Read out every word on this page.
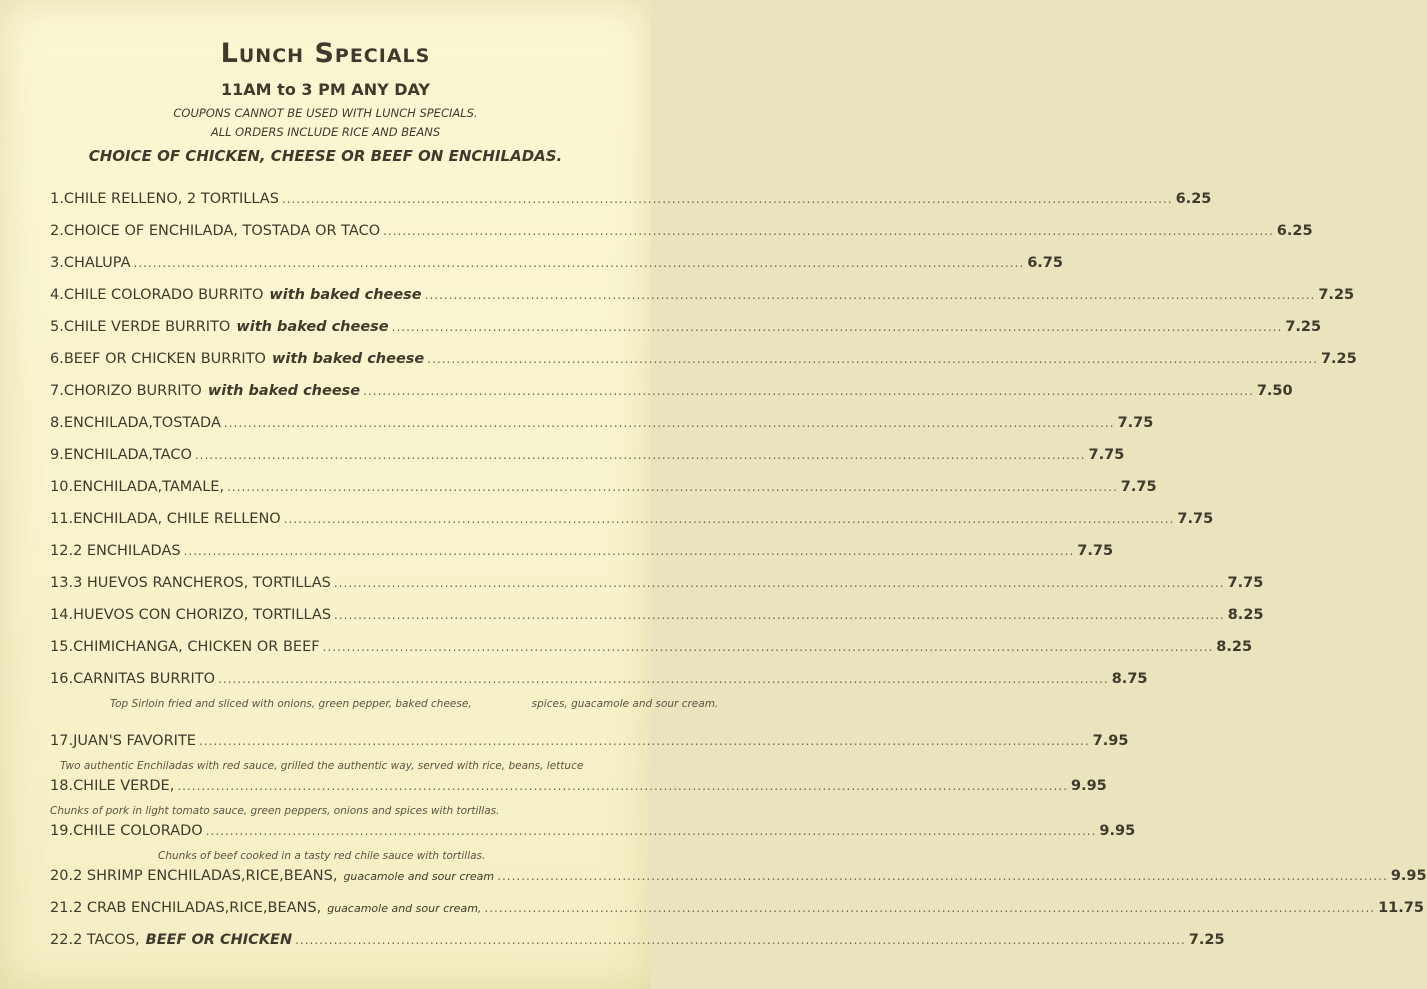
Lunch Specials
11AM to 3 PM ANY DAY
COUPONS CANNOT BE USED WITH LUNCH SPECIALS.
ALL ORDERS INCLUDE RICE AND BEANS
CHOICE OF CHICKEN, CHEESE OR BEEF ON ENCHILADAS.
1. CHILE RELLENO, 2 TORTILLAS .....	6.25
2. CHOICE OF ENCHILADA, TOSTADA OR TACO .....	6.25
3. CHALUPA .....	6.75
4. CHILE COLORADO BURRITO with baked cheese .....	7.25
5. CHILE VERDE BURRITO with baked cheese .....	7.25
6. BEEF OR CHICKEN BURRITO with baked cheese .....	7.25
7. CHORIZO BURRITO with baked cheese .....	7.50
8. ENCHILADA,TOSTADA .....	7.75
9. ENCHILADA,TACO .....	7.75
10. ENCHILADA,TAMALE, .....	7.75
11. ENCHILADA, CHILE RELLENO .....	7.75
12. 2 ENCHILADAS .....	7.75
13. 3 HUEVOS RANCHEROS, TORTILLAS .....	7.75
14. HUEVOS CON CHORIZO, TORTILLAS .....	8.25
15. CHIMICHANGA, CHICKEN OR BEEF .....	8.25
16. CARNITAS BURRITO .....	8.75
Top Sirloin fried and sliced with onions, green pepper, baked cheese,	spices, guacamole and sour cream.
17. JUAN'S FAVORITE .....	7.95
Two authentic Enchiladas with red sauce, grilled the authentic way, served with rice, beans, lettuce
18. CHILE VERDE, .....	9.95
Chunks of pork in light tomato sauce, green peppers, onions and spices with tortillas.
19. CHILE COLORADO .....	9.95
Chunks of beef cooked in a tasty red chile sauce with tortillas.
20. 2 SHRIMP ENCHILADAS,RICE,BEANS, guacamole and sour cream .....	9.95
21. 2 CRAB ENCHILADAS,RICE,BEANS, guacamole and sour cream, .....	11.75
22. 2 TACOS, BEEF OR CHICKEN .....	7.25
